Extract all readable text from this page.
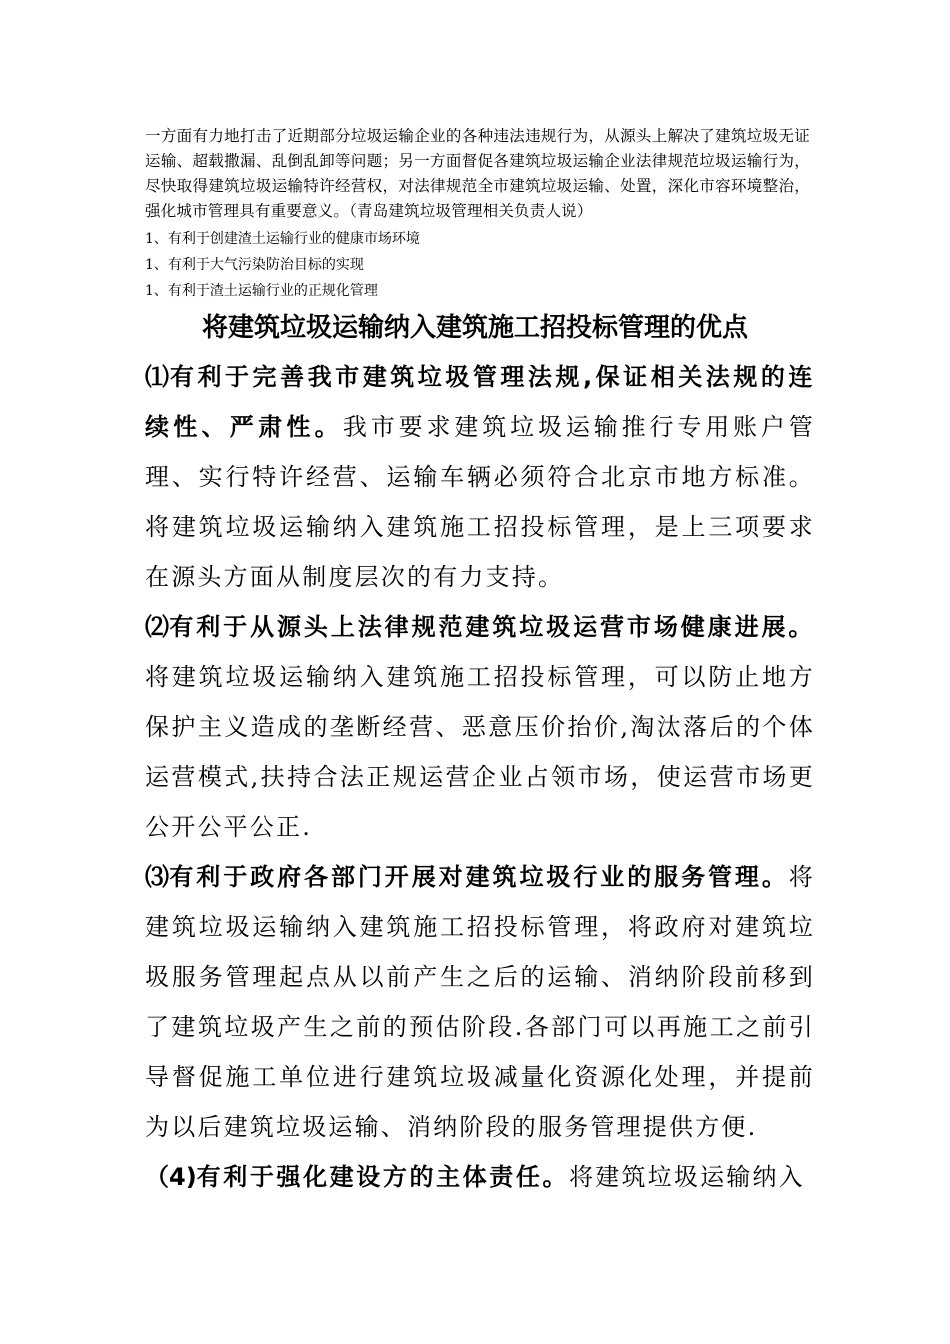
一方面有力地打击了近期部分垃圾运输企业的各种违法违规行为，从源头上解决了建筑垃圾无证运输、超载撒漏、乱倒乱卸等问题；另一方面督促各建筑垃圾运输企业法律规范垃圾运输行为，尽快取得建筑垃圾运输特许经营权，对法律规范全市建筑垃圾运输、处置，深化市容环境整治，强化城市管理具有重要意义。（青岛建筑垃圾管理相关负责人说）

1、有利于创建渣土运输行业的健康市场环境
1、有利于大气污染防治目标的实现
1、有利于渣土运输行业的正规化管理
将建筑垃圾运输纳入建筑施工招投标管理的优点

⑴有利于完善我市建筑垃圾管理法规,保证相关法规的连续性、严肃性。我市要求建筑垃圾运输推行专用账户管理、实行特许经营、运输车辆必须符合北京市地方标准。将建筑垃圾运输纳入建筑施工招投标管理，是上三项要求在源头方面从制度层次的有力支持。

⑵有利于从源头上法律规范建筑垃圾运营市场健康进展。将建筑垃圾运输纳入建筑施工招投标管理，可以防止地方保护主义造成的垄断经营、恶意压价抬价,淘汰落后的个体运营模式,扶持合法正规运营企业占领市场，使运营市场更公开公平公正.

⑶有利于政府各部门开展对建筑垃圾行业的服务管理。将建筑垃圾运输纳入建筑施工招投标管理，将政府对建筑垃圾服务管理起点从以前产生之后的运输、消纳阶段前移到了建筑垃圾产生之前的预估阶段.各部门可以再施工之前引导督促施工单位进行建筑垃圾减量化资源化处理，并提前为以后建筑垃圾运输、消纳阶段的服务管理提供方便.

（4)有利于强化建设方的主体责任。将建筑垃圾运输纳入
